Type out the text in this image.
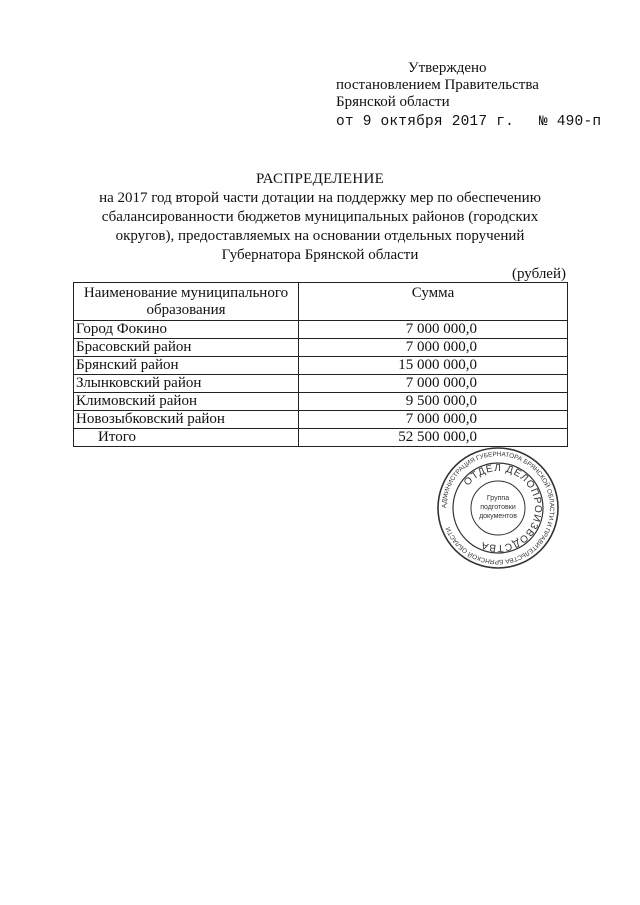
Утверждено
постановлением Правительства
Брянской области
от 9 октября 2017 г. № 490-п
РАСПРЕДЕЛЕНИЕ
на 2017 год второй части дотации на поддержку мер по обеспечению
сбалансированности бюджетов муниципальных районов (городских
округов), предоставляемых на основании отдельных поручений
Губернатора Брянской области
(рублей)
Наименование муниципального образования	Сумма
Город Фокино	7 000 000,0
Брасовский район	7 000 000,0
Брянский район	15 000 000,0
Злынковский район	7 000 000,0
Климовский район	9 500 000,0
Новозыбковский район	7 000 000,0
Итого	52 500 000,0
АДМИНИСТРАЦИЯ ГУБЕРНАТОРА БРЯНСКОЙ ОБЛАСТИ И ПРАВИТЕЛЬСТВА БРЯНСКОЙ ОБЛАСТИ
ОТДЕЛ ДЕЛОПРОИЗВОДСТВА
Группа
подготовки
документов
